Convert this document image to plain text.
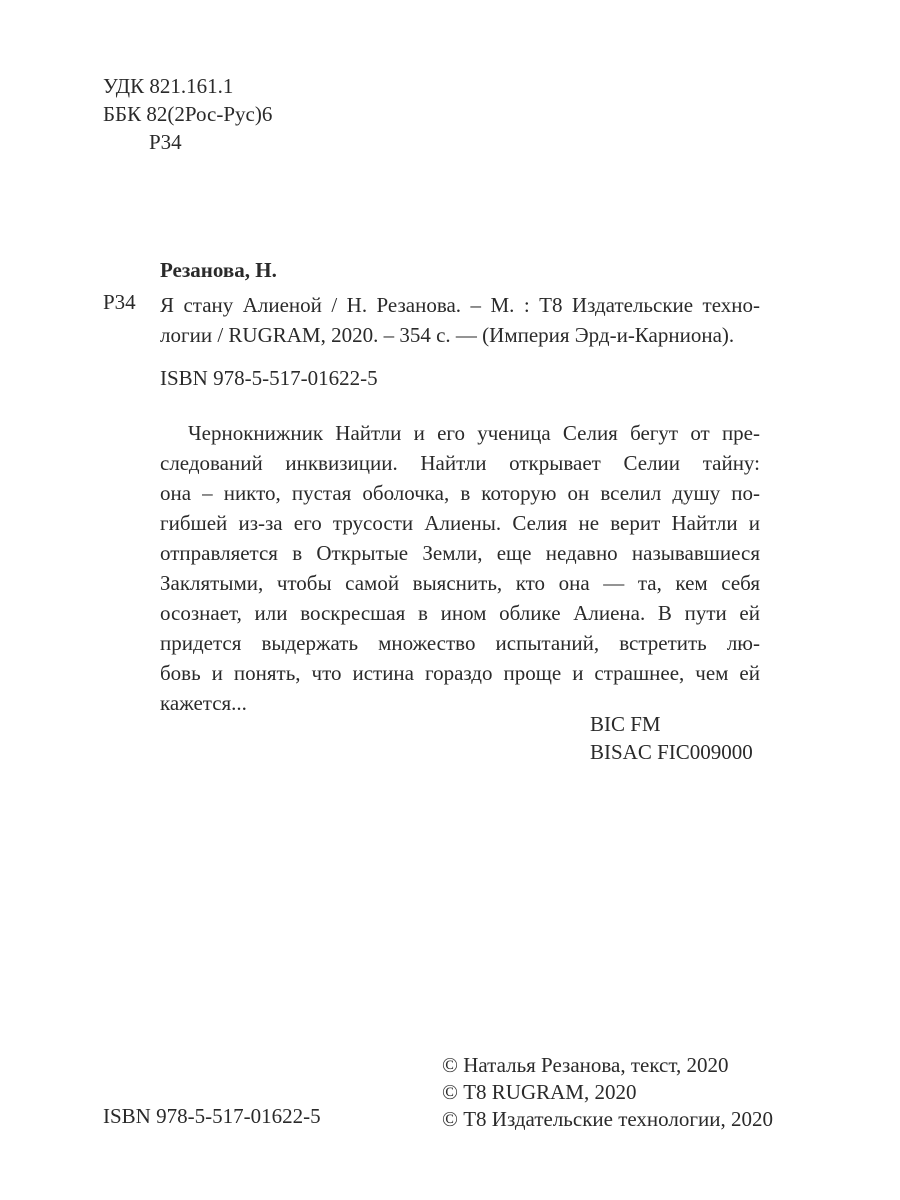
УДК 821.161.1
ББК 82(2Рос-Рус)6
Р34
Резанова, Н.
Р34 Я стану Алиеной / Н. Резанова. – М. : Т8 Издательские техно-
логии / RUGRAM, 2020. – 354 с. — (Империя Эрд-и-Карниона).
ISBN 978-5-517-01622-5
Чернокнижник Найтли и его ученица Селия бегут от пре-
следований инквизиции. Найтли открывает Селии тайну:
она – никто, пустая оболочка, в которую он вселил душу по-
гибшей из-за его трусости Алиены. Селия не верит Найтли и
отправляется в Открытые Земли, еще недавно называвшиеся
Заклятыми, чтобы самой выяснить, кто она — та, кем себя
осознает, или воскресшая в ином облике Алиена. В пути ей
придется выдержать множество испытаний, встретить лю-
бовь и понять, что истина гораздо проще и страшнее, чем ей
кажется...
BIC FM
BISAC FIC009000
ISBN 978-5-517-01622-5
© Наталья Резанова, текст, 2020
© Т8 RUGRAM, 2020
© Т8 Издательские технологии, 2020
